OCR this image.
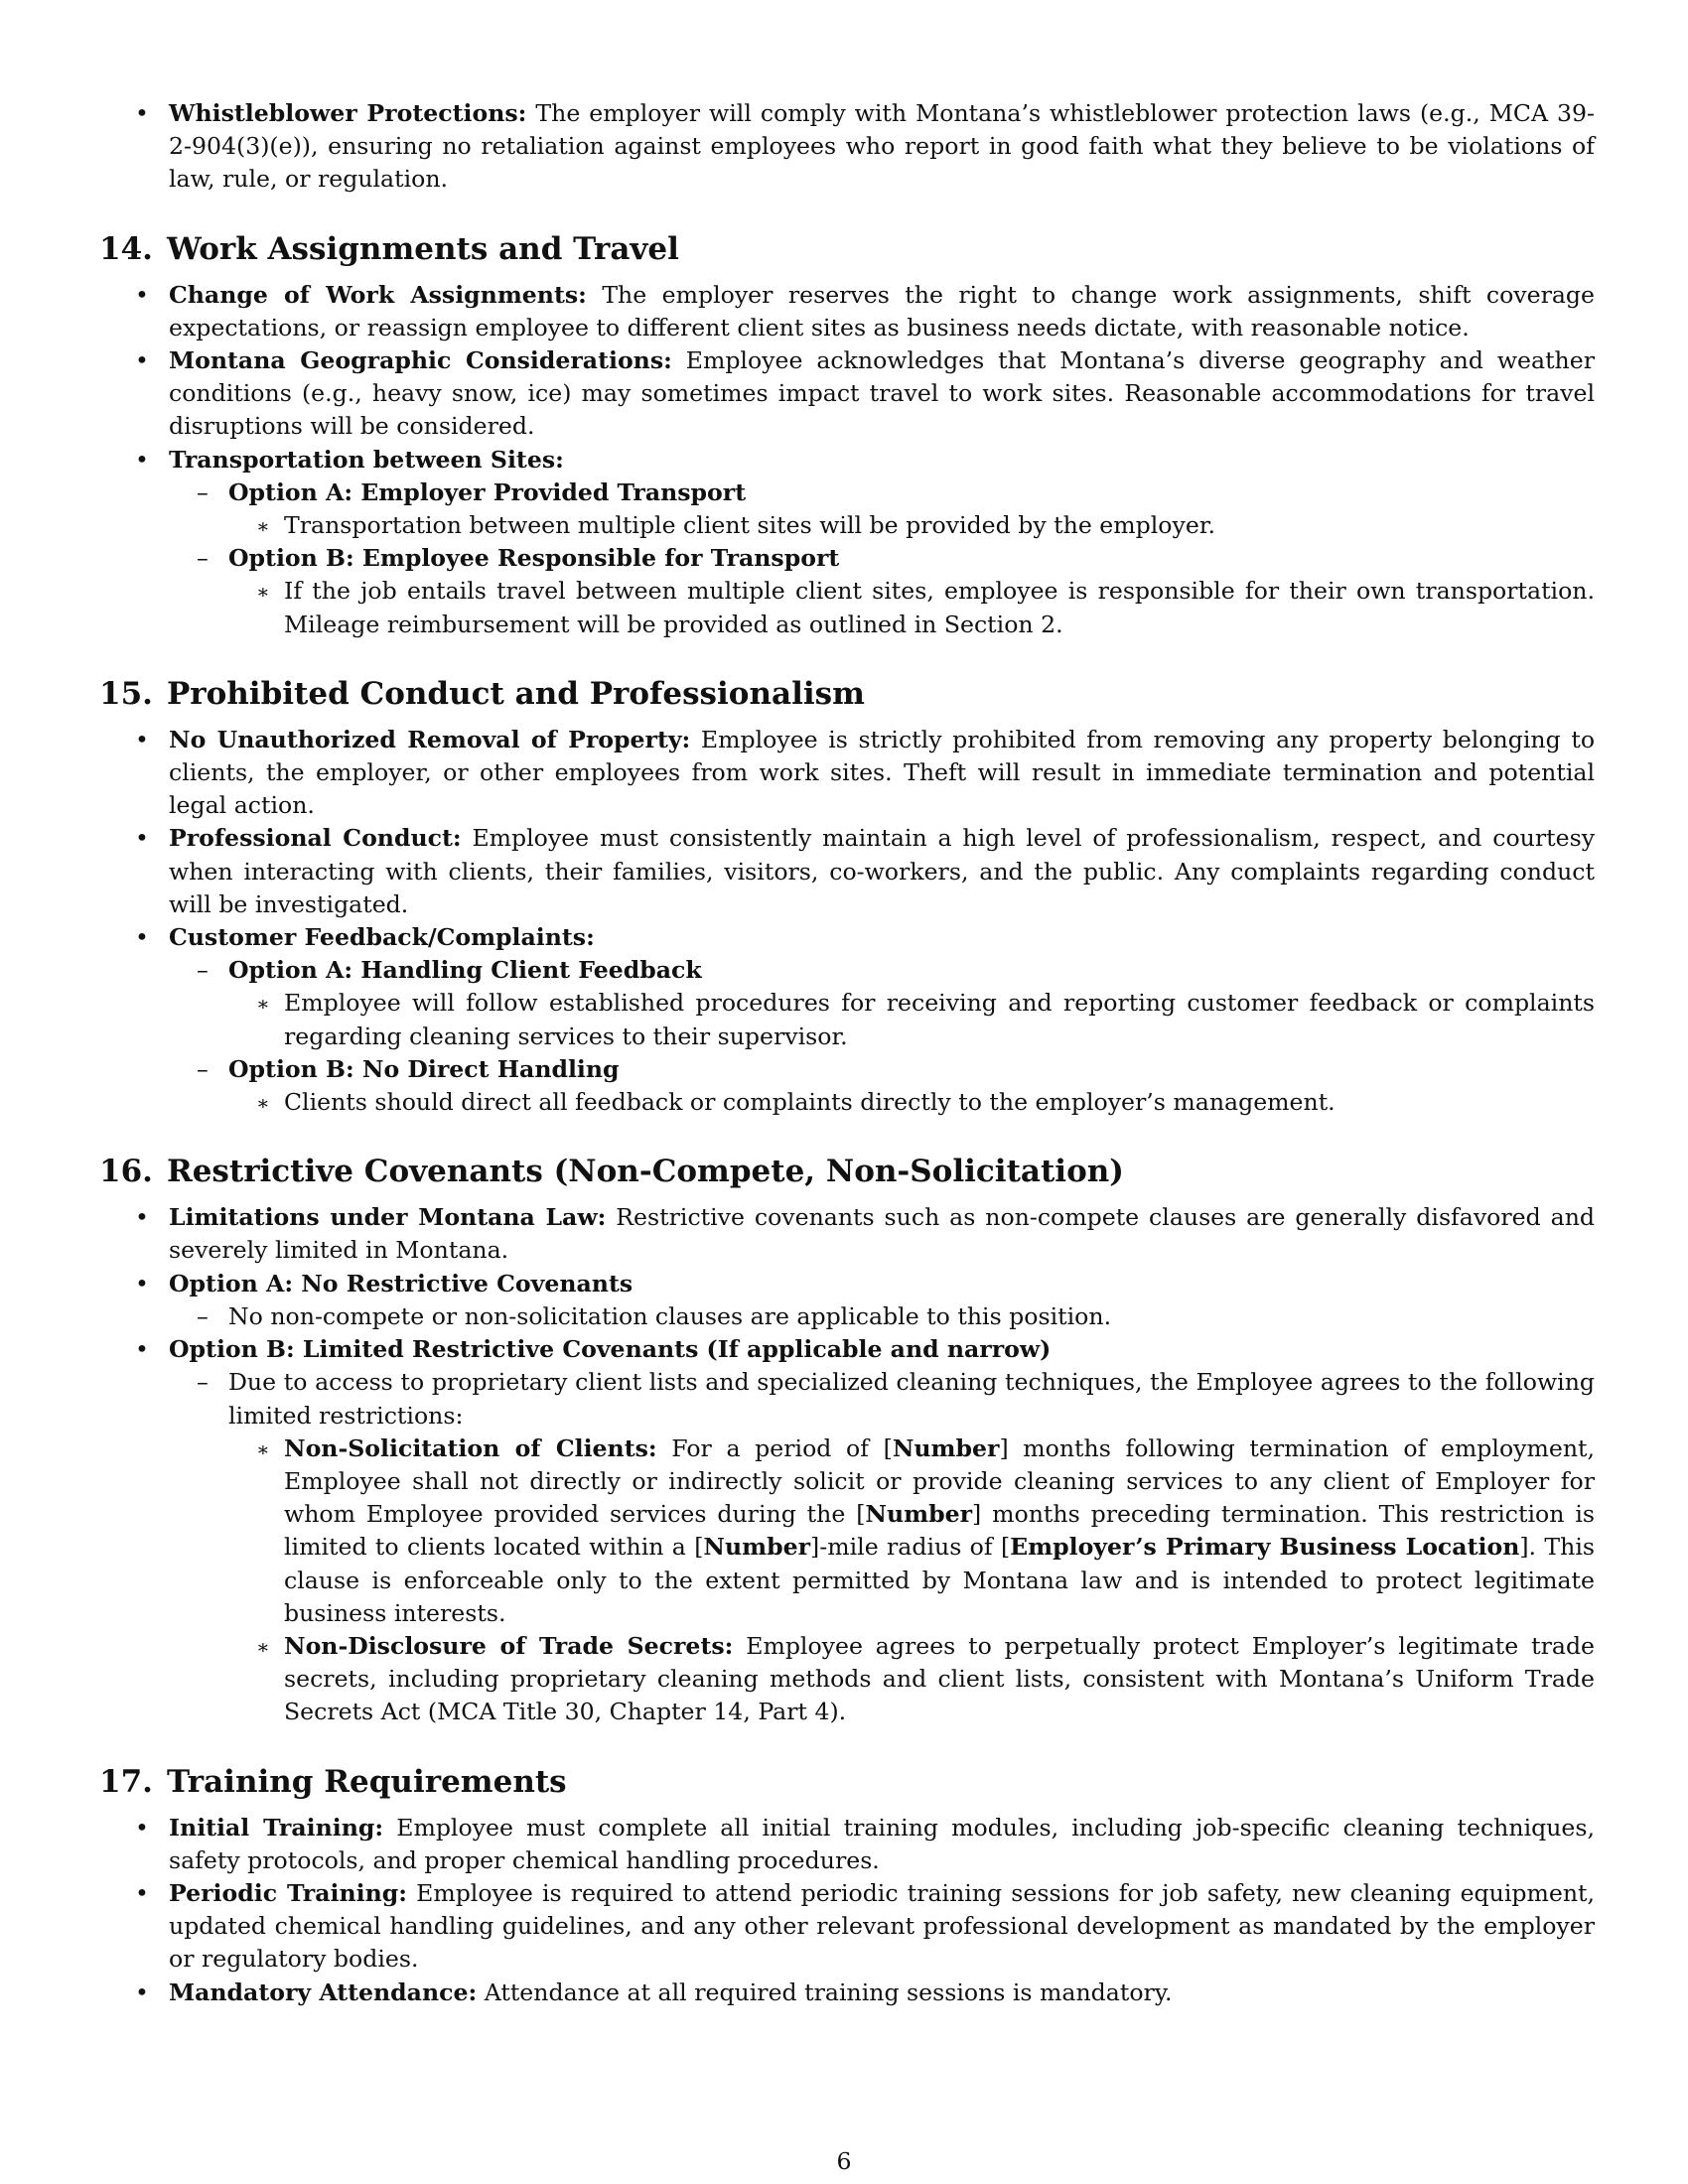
• Whistleblower Protections: The employer will comply with Montana’s whistleblower protection laws (e.g., MCA 39-2-904(3)(e)), ensuring no retaliation against employees who report in good faith what they believe to be violations of law, rule, or regulation.
14. Work Assignments and Travel
• Change of Work Assignments: The employer reserves the right to change work assignments, shift coverage expectations, or reassign employee to different client sites as business needs dictate, with reasonable notice.
• Montana Geographic Considerations: Employee acknowledges that Montana’s diverse geography and weather conditions (e.g., heavy snow, ice) may sometimes impact travel to work sites. Reasonable accommodations for travel disruptions will be considered.
• Transportation between Sites:
– Option A: Employer Provided Transport
∗ Transportation between multiple client sites will be provided by the employer.
– Option B: Employee Responsible for Transport
∗ If the job entails travel between multiple client sites, employee is responsible for their own transportation. Mileage reimbursement will be provided as outlined in Section 2.
15. Prohibited Conduct and Professionalism
• No Unauthorized Removal of Property: Employee is strictly prohibited from removing any property belonging to clients, the employer, or other employees from work sites. Theft will result in immediate termination and potential legal action.
• Professional Conduct: Employee must consistently maintain a high level of professionalism, respect, and courtesy when interacting with clients, their families, visitors, co-workers, and the public. Any complaints regarding conduct will be investigated.
• Customer Feedback/Complaints:
– Option A: Handling Client Feedback
∗ Employee will follow established procedures for receiving and reporting customer feedback or complaints regarding cleaning services to their supervisor.
– Option B: No Direct Handling
∗ Clients should direct all feedback or complaints directly to the employer’s management.
16. Restrictive Covenants (Non-Compete, Non-Solicitation)
• Limitations under Montana Law: Restrictive covenants such as non-compete clauses are generally disfavored and severely limited in Montana.
• Option A: No Restrictive Covenants
– No non-compete or non-solicitation clauses are applicable to this position.
• Option B: Limited Restrictive Covenants (If applicable and narrow)
– Due to access to proprietary client lists and specialized cleaning techniques, the Employee agrees to the following limited restrictions:
∗ Non-Solicitation of Clients: For a period of [Number] months following termination of employment, Employee shall not directly or indirectly solicit or provide cleaning services to any client of Employer for whom Employee provided services during the [Number] months preceding termination. This restriction is limited to clients located within a [Number]-mile radius of [Employer’s Primary Business Location]. This clause is enforceable only to the extent permitted by Montana law and is intended to protect legitimate business interests.
∗ Non-Disclosure of Trade Secrets: Employee agrees to perpetually protect Employer’s legitimate trade secrets, including proprietary cleaning methods and client lists, consistent with Montana’s Uniform Trade Secrets Act (MCA Title 30, Chapter 14, Part 4).
17. Training Requirements
• Initial Training: Employee must complete all initial training modules, including job-specific cleaning techniques, safety protocols, and proper chemical handling procedures.
• Periodic Training: Employee is required to attend periodic training sessions for job safety, new cleaning equipment, updated chemical handling guidelines, and any other relevant professional development as mandated by the employer or regulatory bodies.
• Mandatory Attendance: Attendance at all required training sessions is mandatory.
6
